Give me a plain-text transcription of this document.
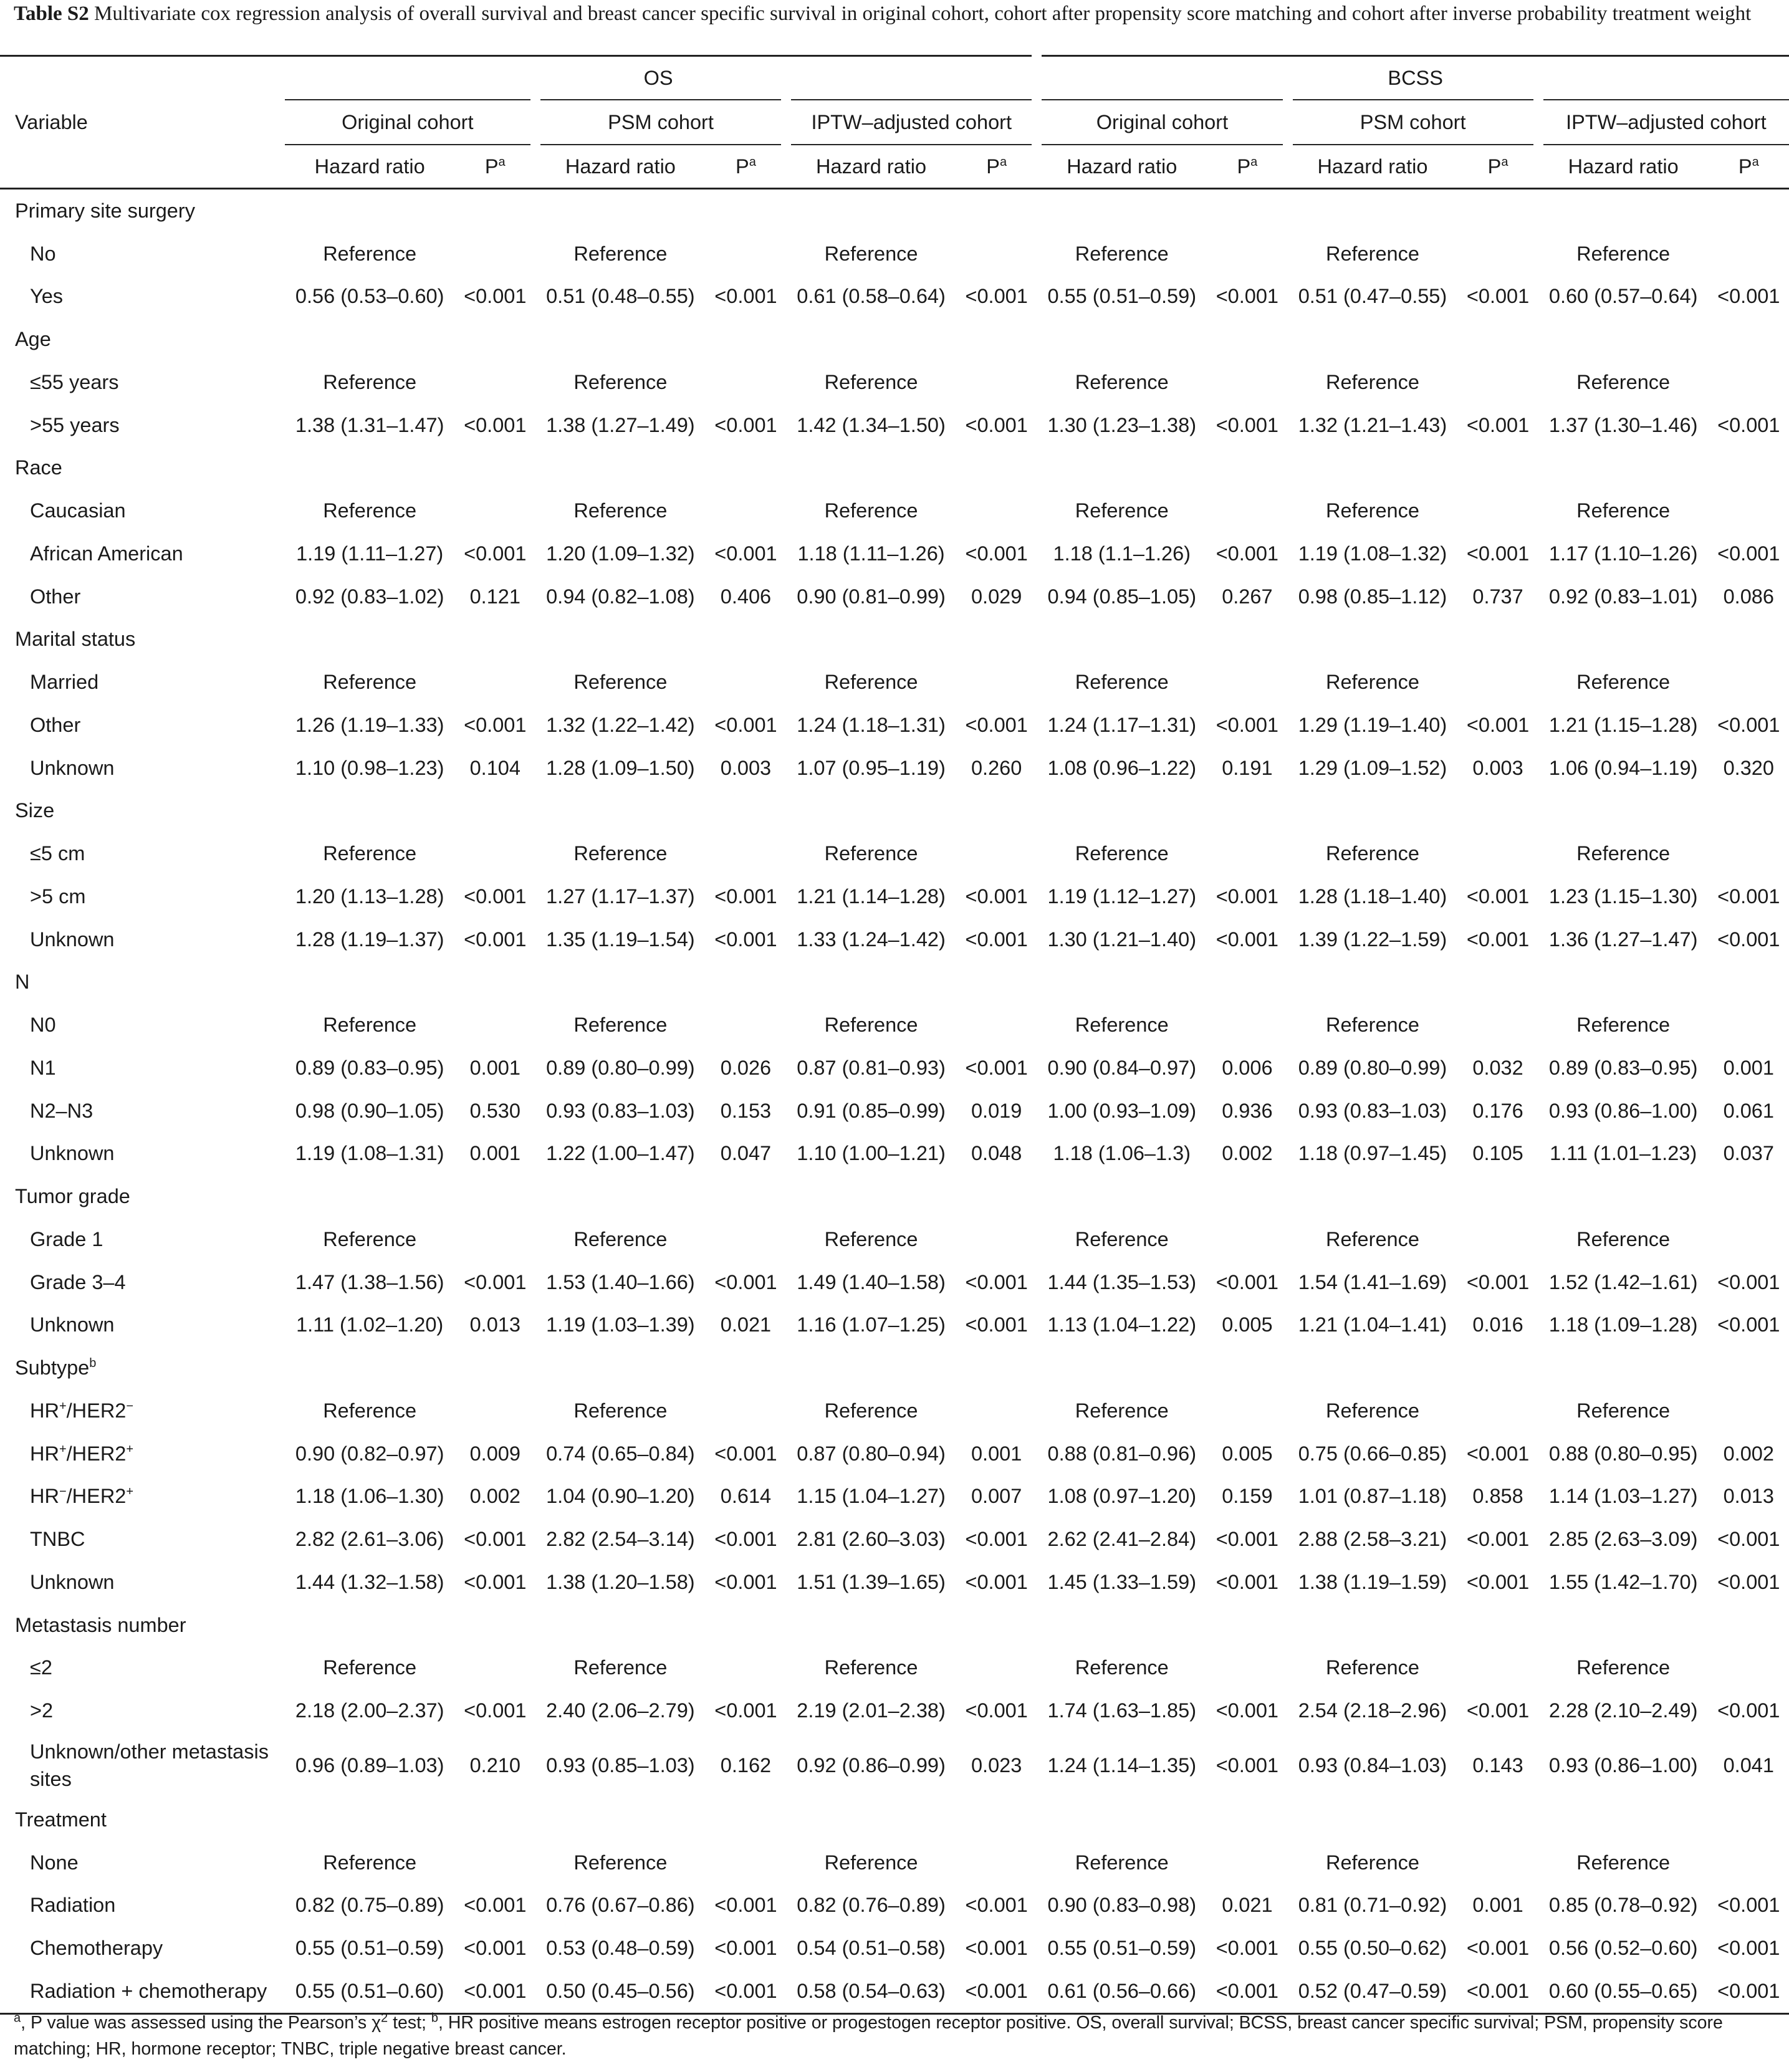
Table S2 Multivariate cox regression analysis of overall survival and breast cancer specific survival in original cohort, cohort after propensity score matching and cohort after inverse probability treatment weight
Variable	OS						BCSS					
	Original cohort		PSM cohort		IPTW–adjusted cohort		Original cohort		PSM cohort		IPTW–adjusted cohort	
	Hazard ratio	$P^a$	Hazard ratio	$P^a$	Hazard ratio	$P^a$	Hazard ratio	$P^a$	Hazard ratio	$P^a$	Hazard ratio	$P^a$
Primary site surgery												
No	Reference		Reference		Reference		Reference		Reference		Reference	
Yes	0.56 (0.53–0.60)	<0.001	0.51 (0.48–0.55)	<0.001	0.61 (0.58–0.64)	<0.001	0.55 (0.51–0.59)	<0.001	0.51 (0.47–0.55)	<0.001	0.60 (0.57–0.64)	<0.001
Age												
≤55 years	Reference		Reference		Reference		Reference		Reference		Reference	
>55 years	1.38 (1.31–1.47)	<0.001	1.38 (1.27–1.49)	<0.001	1.42 (1.34–1.50)	<0.001	1.30 (1.23–1.38)	<0.001	1.32 (1.21–1.43)	<0.001	1.37 (1.30–1.46)	<0.001
Race												
Caucasian	Reference		Reference		Reference		Reference		Reference		Reference	
African American	1.19 (1.11–1.27)	<0.001	1.20 (1.09–1.32)	<0.001	1.18 (1.11–1.26)	<0.001	1.18 (1.1–1.26)	<0.001	1.19 (1.08–1.32)	<0.001	1.17 (1.10–1.26)	<0.001
Other	0.92 (0.83–1.02)	0.121	0.94 (0.82–1.08)	0.406	0.90 (0.81–0.99)	0.029	0.94 (0.85–1.05)	0.267	0.98 (0.85–1.12)	0.737	0.92 (0.83–1.01)	0.086
Marital status												
Married	Reference		Reference		Reference		Reference		Reference		Reference	
Other	1.26 (1.19–1.33)	<0.001	1.32 (1.22–1.42)	<0.001	1.24 (1.18–1.31)	<0.001	1.24 (1.17–1.31)	<0.001	1.29 (1.19–1.40)	<0.001	1.21 (1.15–1.28)	<0.001
Unknown	1.10 (0.98–1.23)	0.104	1.28 (1.09–1.50)	0.003	1.07 (0.95–1.19)	0.260	1.08 (0.96–1.22)	0.191	1.29 (1.09–1.52)	0.003	1.06 (0.94–1.19)	0.320
Size												
≤5 cm	Reference		Reference		Reference		Reference		Reference		Reference	
>5 cm	1.20 (1.13–1.28)	<0.001	1.27 (1.17–1.37)	<0.001	1.21 (1.14–1.28)	<0.001	1.19 (1.12–1.27)	<0.001	1.28 (1.18–1.40)	<0.001	1.23 (1.15–1.30)	<0.001
Unknown	1.28 (1.19–1.37)	<0.001	1.35 (1.19–1.54)	<0.001	1.33 (1.24–1.42)	<0.001	1.30 (1.21–1.40)	<0.001	1.39 (1.22–1.59)	<0.001	1.36 (1.27–1.47)	<0.001
N												
N0	Reference		Reference		Reference		Reference		Reference		Reference	
N1	0.89 (0.83–0.95)	0.001	0.89 (0.80–0.99)	0.026	0.87 (0.81–0.93)	<0.001	0.90 (0.84–0.97)	0.006	0.89 (0.80–0.99)	0.032	0.89 (0.83–0.95)	0.001
N2–N3	0.98 (0.90–1.05)	0.530	0.93 (0.83–1.03)	0.153	0.91 (0.85–0.99)	0.019	1.00 (0.93–1.09)	0.936	0.93 (0.83–1.03)	0.176	0.93 (0.86–1.00)	0.061
Unknown	1.19 (1.08–1.31)	0.001	1.22 (1.00–1.47)	0.047	1.10 (1.00–1.21)	0.048	1.18 (1.06–1.3)	0.002	1.18 (0.97–1.45)	0.105	1.11 (1.01–1.23)	0.037
Tumor grade												
Grade 1	Reference		Reference		Reference		Reference		Reference		Reference	
Grade 3–4	1.47 (1.38–1.56)	<0.001	1.53 (1.40–1.66)	<0.001	1.49 (1.40–1.58)	<0.001	1.44 (1.35–1.53)	<0.001	1.54 (1.41–1.69)	<0.001	1.52 (1.42–1.61)	<0.001
Unknown	1.11 (1.02–1.20)	0.013	1.19 (1.03–1.39)	0.021	1.16 (1.07–1.25)	<0.001	1.13 (1.04–1.22)	0.005	1.21 (1.04–1.41)	0.016	1.18 (1.09–1.28)	<0.001
Subtype$^b$	
HR+/HER2−	Reference		Reference		Reference		Reference		Reference		Reference	
HR+/HER2+	0.90 (0.82–0.97)	0.009	0.74 (0.65–0.84)	<0.001	0.87 (0.80–0.94)	0.001	0.88 (0.81–0.96)	0.005	0.75 (0.66–0.85)	<0.001	0.88 (0.80–0.95)	0.002
HR−/HER2+	1.18 (1.06–1.30)	0.002	1.04 (0.90–1.20)	0.614	1.15 (1.04–1.27)	0.007	1.08 (0.97–1.20)	0.159	1.01 (0.87–1.18)	0.858	1.14 (1.03–1.27)	0.013
TNBC	2.82 (2.61–3.06)	<0.001	2.82 (2.54–3.14)	<0.001	2.81 (2.60–3.03)	<0.001	2.62 (2.41–2.84)	<0.001	2.88 (2.58–3.21)	<0.001	2.85 (2.63–3.09)	<0.001
Unknown	1.44 (1.32–1.58)	<0.001	1.38 (1.20–1.58)	<0.001	1.51 (1.39–1.65)	<0.001	1.45 (1.33–1.59)	<0.001	1.38 (1.19–1.59)	<0.001	1.55 (1.42–1.70)	<0.001
Metastasis number												
≤2	Reference		Reference		Reference		Reference		Reference		Reference	
>2	2.18 (2.00–2.37)	<0.001	2.40 (2.06–2.79)	<0.001	2.19 (2.01–2.38)	<0.001	1.74 (1.63–1.85)	<0.001	2.54 (2.18–2.96)	<0.001	2.28 (2.10–2.49)	<0.001
Unknown/other metastasis sites	0.96 (0.89–1.03)	0.210	0.93 (0.85–1.03)	0.162	0.92 (0.86–0.99)	0.023	1.24 (1.14–1.35)	<0.001	0.93 (0.84–1.03)	0.143	0.93 (0.86–1.00)	0.041
Treatment												
None	Reference		Reference		Reference		Reference		Reference		Reference	
Radiation	0.82 (0.75–0.89)	<0.001	0.76 (0.67–0.86)	<0.001	0.82 (0.76–0.89)	<0.001	0.90 (0.83–0.98)	0.021	0.81 (0.71–0.92)	0.001	0.85 (0.78–0.92)	<0.001
Chemotherapy	0.55 (0.51–0.59)	<0.001	0.53 (0.48–0.59)	<0.001	0.54 (0.51–0.58)	<0.001	0.55 (0.51–0.59)	<0.001	0.55 (0.50–0.62)	<0.001	0.56 (0.52–0.60)	<0.001
Radiation + chemotherapy	0.55 (0.51–0.60)	<0.001	0.50 (0.45–0.56)	<0.001	0.58 (0.54–0.63)	<0.001	0.61 (0.56–0.66)	<0.001	0.52 (0.47–0.59)	<0.001	0.60 (0.55–0.65)	<0.001
$^a$, P value was assessed using the Pearson’s $\chi^2$ test; $^b$, HR positive means estrogen receptor positive or progestogen receptor positive. OS, overall survival; BCSS, breast cancer specific survival; PSM, propensity score matching; HR, hormone receptor; TNBC, triple negative breast cancer.
